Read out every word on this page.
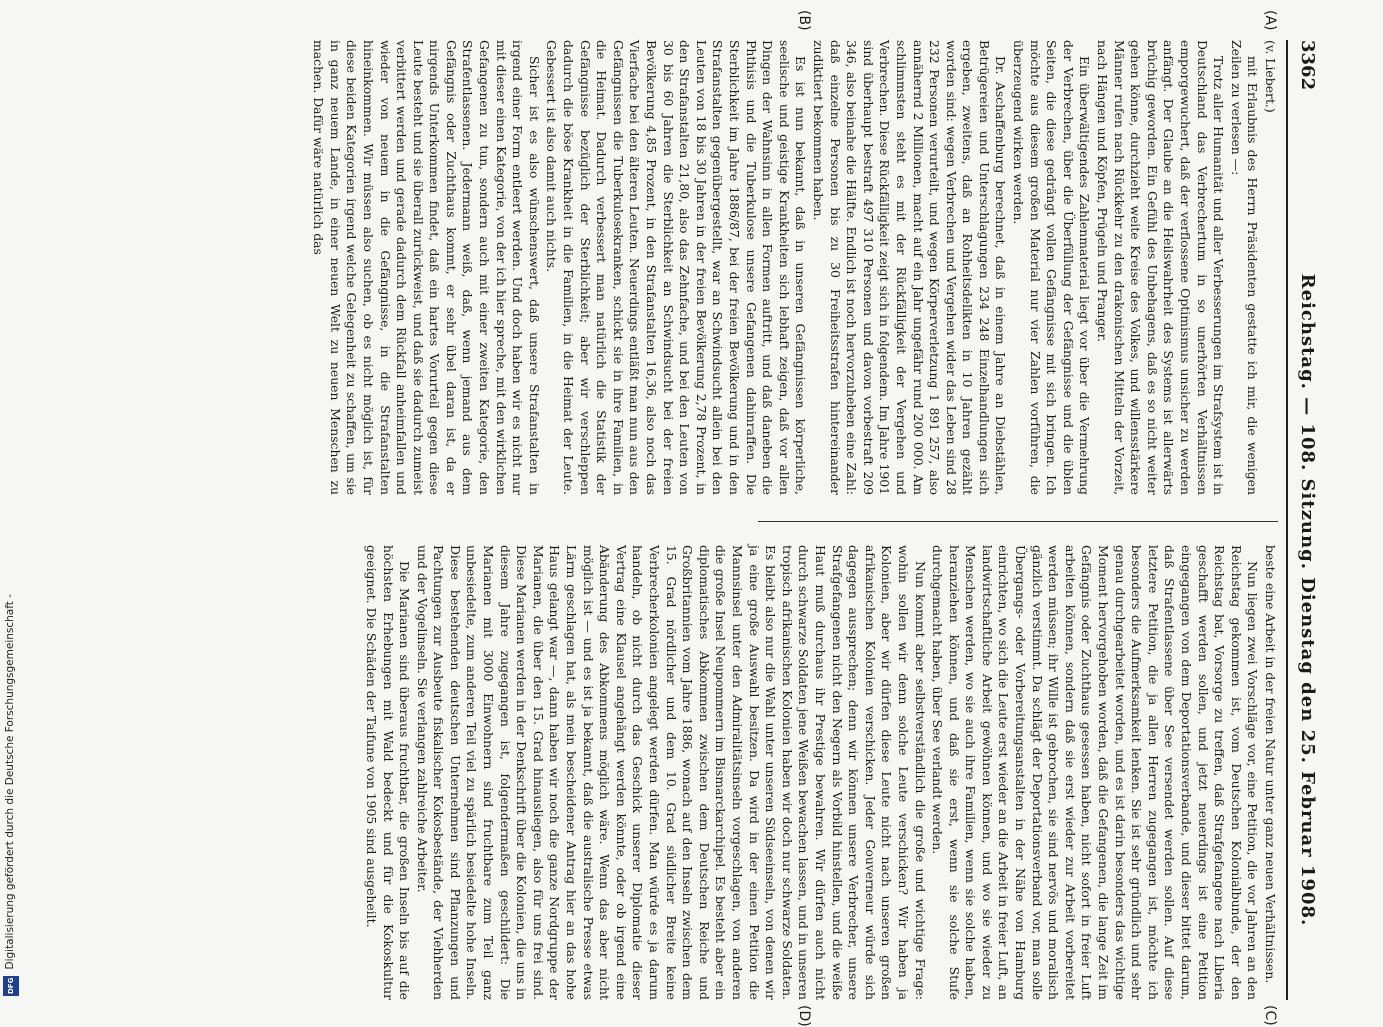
3362
Reichstag. — 108. Sitzung. Dienstag den 25. Februar 1908.
(A)
(B)
(C)
(D)

(v. Liebert.)

mit Erlaubnis des Herrn Präsidenten gestatte ich mir, die wenigen Zeilen zu verlesen —:

Trotz aller Humanität und aller Verbesserungen im Strafsystem ist in Deutschland das Verbrechertum in so unerhörten Verhältnissen emporgewuchert, daß der verflossene Optimismus unsicher zu werden anfängt. Der Glaube an die Heilswahrheit des Systems ist allerwärts brüchig geworden. Ein Gefühl des Unbehagens, daß es so nicht weiter gehen könne, durchzieht weite Kreise des Volkes, und willensstärkere Männer rufen nach Rückkehr zu den drakonischen Mitteln der Vorzeit, nach Hängen und Köpfen, Prügeln und Pranger.

Ein überwältigendes Zahlenmaterial liegt vor über die Vermehrung der Verbrechen, über die Überfüllung der Gefängnisse und die üblen Seiten, die diese gedrängt vollen Gefängnisse mit sich bringen. Ich möchte aus diesem großen Material nur vier Zahlen vorführen, die überzeugend wirken werden.

Dr. Aschaffenburg berechnet, daß in einem Jahre an Diebstählen, Betrügereien und Unterschlagungen 234 248 Einzelhandlungen sich ergeben, zweitens, daß an Rohheitsdelikten in 10 Jahren gezählt worden sind: wegen Verbrechen und Vergehen wider das Leben sind 28 232 Personen verurteilt, und wegen Körperverletzung 1 891 257, also annähernd 2 Millionen, macht auf ein Jahr ungefähr rund 200 000. Am schlimmsten steht es mit der Rückfälligkeit der Vergehen und Verbrechen. Diese Rückfälligkeit zeigt sich in folgendem. Im Jahre 1901 sind überhaupt bestraft 497 310 Personen und davon vorbestraft 209 346, also beinahe die Hälfte. Endlich ist noch hervorzuheben eine Zahl: daß einzelne Personen bis zu 30 Freiheitsstrafen hintereinander zudiktiert bekommen haben.

Es ist nun bekannt, daß in unseren Gefängnissen körperliche, seelische und geistige Krankheiten sich lebhaft zeigen, daß vor allen Dingen der Wahnsinn in allen Formen auftritt, und daß daneben die Phthisis und die Tuberkulose unsere Gefangenen dahinraffen. Die Sterblichkeit im Jahre 1886/87, bei der freien Bevölkerung und in den Strafanstalten gegenübergestellt, war an Schwindsucht allein bei den Leuten von 18 bis 30 Jahren in der freien Bevölkerung 2,78 Prozent, in den Strafanstalten 21,80, also das Zehnfache, und bei den Leuten von 30 bis 60 Jahren die Sterblichkeit an Schwindsucht bei der freien Bevölkerung 4,85 Prozent, in den Strafanstalten 16,36, also noch das Vierfache bei den älteren Leuten. Neuerdings entläßt man nun aus den Gefängnissen die Tuberkulosekranken, schickt sie in ihre Familien, in die Heimat. Dadurch verbessert man natürlich die Statistik der Gefängnisse bezüglich der Sterblichkeit; aber wir verschleppen dadurch die böse Krankheit in die Familien, in die Heimat der Leute. Gebessert ist also damit auch nichts.

Sicher ist es also wünschenswert, daß unsere Strafanstalten in irgend einer Form entleert werden. Und doch haben wir es nicht nur mit dieser einen Kategorie, von der ich hier spreche, mit den wirklichen Gefangenen zu tun, sondern auch mit einer zweiten Kategorie, den Strafentlassenen. Jedermann weiß, daß, wenn jemand aus dem Gefängnis oder Zuchthaus kommt, er sehr übel daran ist, da er nirgends Unterkommen findet, daß ein hartes Vorurteil gegen diese Leute besteht und sie überall zurückweist, und daß sie dadurch zumeist verbittert werden und gerade dadurch dem Rückfall anheimfallen und wieder von neuem in die Gefängnisse, in die Strafanstalten hineinkommen. Wir müssen also suchen, ob es nicht möglich ist, für diese beiden Kategorien irgend welche Gelegenheit zu schaffen, um sie in ganz neuem Lande, in einer neuen Welt zu neuen Menschen zu machen. Dafür wäre natürlich das

beste eine Arbeit in der freien Natur unter ganz neuen Verhältnissen.

Nun liegen zwei Vorschläge vor, eine Petition, die vor Jahren an den Reichstag gekommen ist, vom Deutschen Kolonialbunde, der den Reichstag bat, Vorsorge zu treffen, daß Strafgefangene nach Liberia geschafft werden sollen, und jetzt neuerdings ist eine Petition eingegangen von dem Deportationsverbande, und dieser bittet darum, daß Strafentlassene über See versendet werden sollen. Auf diese letztere Petition, die ja allen Herren zugegangen ist, möchte ich besonders die Aufmerksamkeit lenken. Sie ist sehr gründlich und sehr genau durchgearbeitet worden, und es ist darin besonders das wichtige Moment hervorgehoben worden, daß die Gefangenen, die lange Zeit im Gefängnis oder Zuchthaus gesessen haben, nicht sofort in freier Luft arbeiten können, sondern daß sie erst wieder zur Arbeit vorbereitet werden müssen; ihr Wille ist gebrochen, sie sind nervös und moralisch gänzlich verstimmt. Da schlägt der Deportationsverband vor, man solle Übergangs- oder Vorbereitungsanstalten in der Nähe von Hamburg einrichten, wo sich die Leute erst wieder an die Arbeit in freier Luft, an landwirtschaftliche Arbeit gewöhnen können, und wo sie wieder zu Menschen werden, wo sie auch ihre Familien, wenn sie solche haben, heranziehen können, und daß sie erst, wenn sie solche Stufe durchgemacht haben, über See verlandt werden.

Nun kommt aber selbstverständlich die große und wichtige Frage: wohin sollen wir denn solche Leute verschicken? Wir haben ja Kolonien, aber wir dürfen diese Leute nicht nach unseren großen afrikanischen Kolonien verschicken. Jeder Gouverneur würde sich dagegen aussprechen; denn wir können unsere Verbrecher, unsere Strafgefangenen nicht den Negern als Vorbild hinstellen, und die weiße Haut muß durchaus ihr Prestige bewahren. Wir dürfen auch nicht durch schwarze Soldaten jene Weißen bewachen lassen, und in unseren tropisch afrikanischen Kolonien haben wir doch nur schwarze Soldaten. Es bleibt also nur die Wahl unter unseren Südseeinseln, von denen wir ja eine große Auswahl besitzen. Da wird in der einen Petition die Mannsinsel unter den Admiralitätsinseln vorgeschlagen, von anderen die große Insel Neupommern im Bismarckarchipel. Es besteht aber ein diplomatisches Abkommen zwischen dem Deutschen Reiche und Großbritannien vom Jahre 1886, wonach auf den Inseln zwischen dem 15. Grad nördlicher und dem 10. Grad südlicher Breite keine Verbrecherkolonien angelegt werden dürfen. Man würde es ja darum handeln, ob nicht durch das Geschick unserer Diplomatie dieser Vertrag eine Klausel angehängt werden könnte, oder ob irgend eine Abänderung des Abkommens möglich wäre. Wenn das aber nicht möglich ist — und es ist ja bekannt, daß die australische Presse etwas Lärm geschlagen hat, als mein bescheidener Antrag hier an das hohe Haus gelangt war —, dann haben wir noch die ganze Nordgruppe der Marianen, die über den 15. Grad hinausliegen, also für uns frei sind. Diese Marianen werden in der Denkschrift über die Kolonien, die uns in diesem Jahre zugegangen ist, folgendermaßen geschildert: Die Marianen mit 3000 Einwohnern sind fruchtbare zum Teil ganz unbesiedelte, zum anderen Teil viel zu spärlich besiedelte hohe Inseln. Diese bestehenden deutschen Unternehmen sind Pflanzungen und Pachtungen zur Ausbeute fiskalischer Kokosbestände, der Viehherden und der Vogelinseln. Sie verlangen zahlreiche Arbeiter.

Die Marianen sind überaus fruchtbar, die großen Inseln bis auf die höchsten Erhebungen mit Wald bedeckt und für die Kokoskultur geeignet. Die Schäden der Taifune von 1905 sind ausgeheilt.

Digitalisierung gefördert durch die Deutsche Forschungsgemeinschaft -
DFG
